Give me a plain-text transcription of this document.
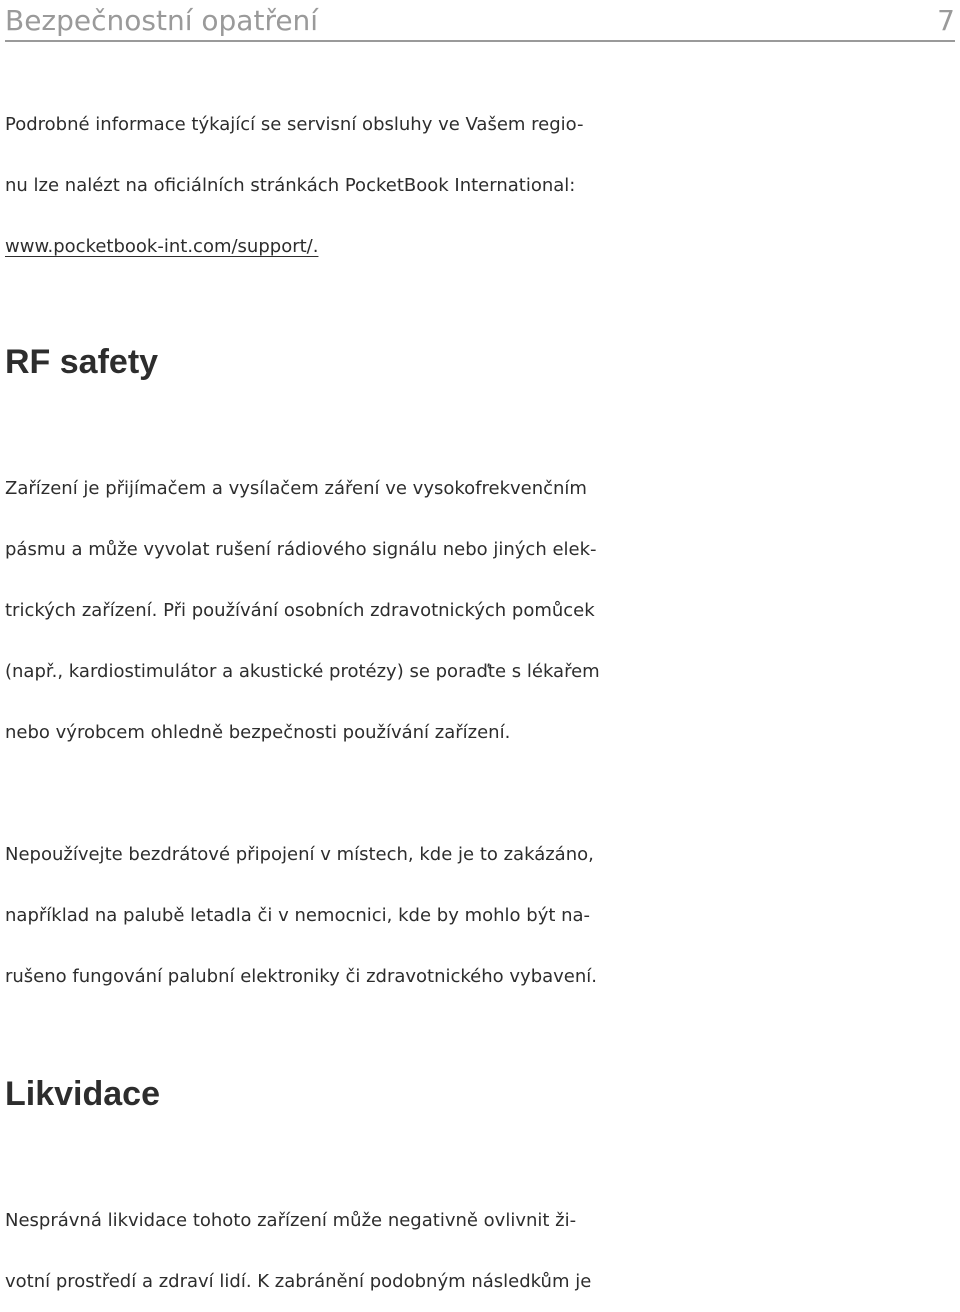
Bezpečnostní opatření	7
Podrobné informace týkající se servisní obsluhy ve Vašem regio-
nu lze nalézt na oficiálních stránkách PocketBook International:
www.pocketbook-int.com/support/.
RF safety
Zařízení je přijímačem a vysílačem záření ve vysokofrekvenčním
pásmu a může vyvolat rušení rádiového signálu nebo jiných elek-
trických zařízení. Při používání osobních zdravotnických pomůcek
(např., kardiostimulátor a akustické protézy) se poraďte s lékařem
nebo výrobcem ohledně bezpečnosti používání zařízení.
Nepoužívejte bezdrátové připojení v místech, kde je to zakázáno,
například na palubě letadla či v nemocnici, kde by mohlo být na-
rušeno fungování palubní elektroniky či zdravotnického vybavení.
Likvidace
Nesprávná likvidace tohoto zařízení může negativně ovlivnit ži-
votní prostředí a zdraví lidí. K zabránění podobným následkům je
